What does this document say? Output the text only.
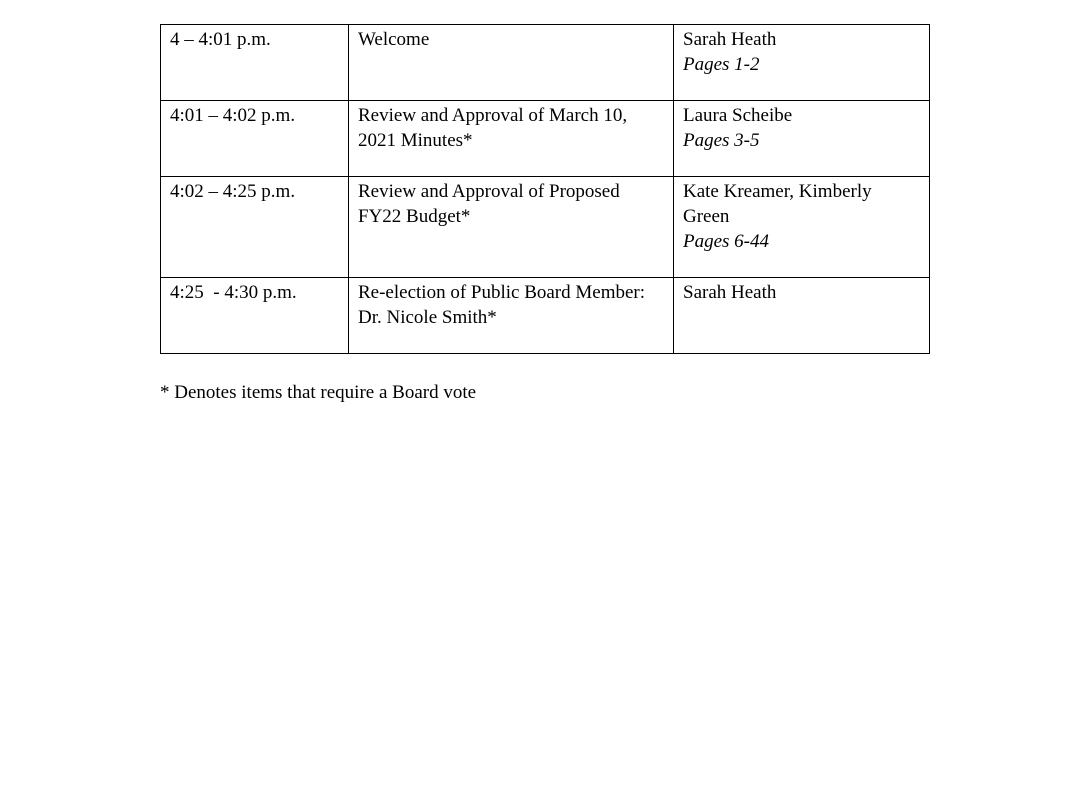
4 – 4:01 p.m.	Welcome	Sarah Heath
Pages 1-2

4:01 – 4:02 p.m.	Review and Approval of March 10, 2021 Minutes*	Laura Scheibe
Pages 3-5

4:02 – 4:25 p.m.	Review and Approval of Proposed FY22 Budget*	Kate Kreamer, Kimberly Green
Pages 6-44

4:25  - 4:30 p.m.	Re-election of Public Board Member: Dr. Nicole Smith*	Sarah Heath

* Denotes items that require a Board vote
